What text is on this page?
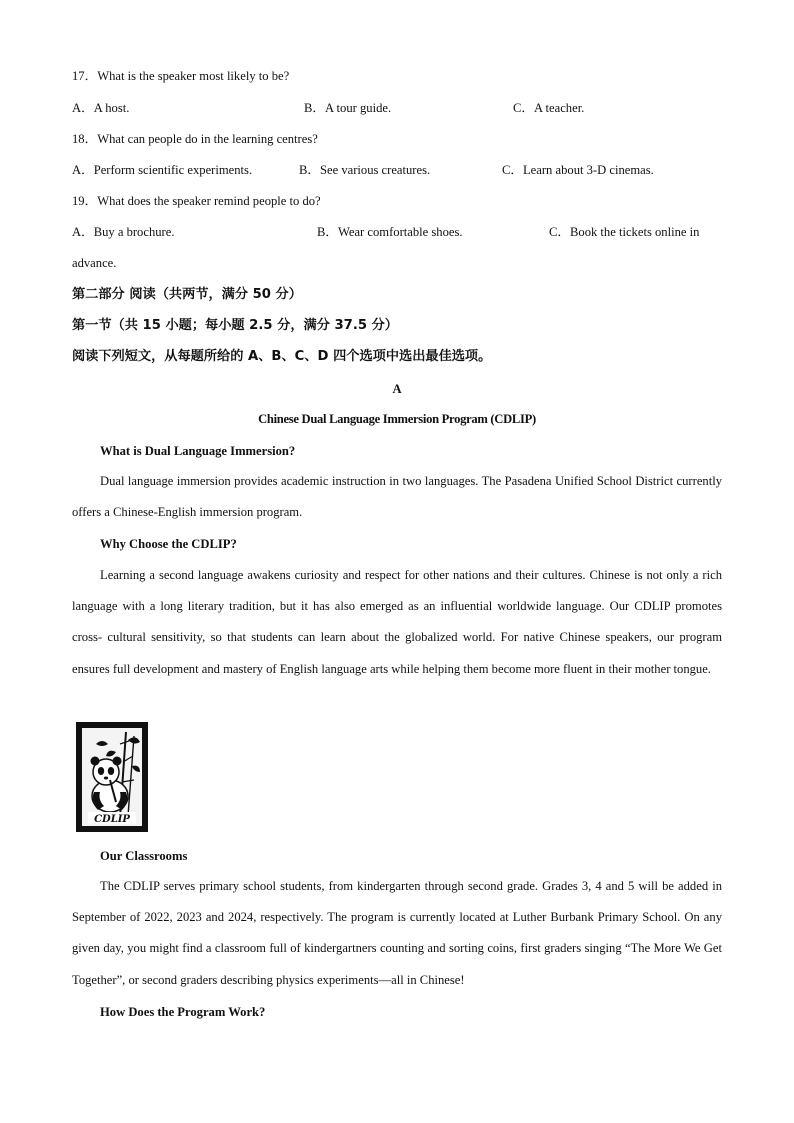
17．What is the speaker most likely to be?
A．A host.	B．A tour guide.	C．A teacher.
18．What can people do in the learning centres?
A．Perform scientific experiments.	B．See various creatures.	C．Learn about 3-D cinemas.
19．What does the speaker remind people to do?
A．Buy a brochure.	B．Wear comfortable shoes.	C．Book the tickets online in
advance.
第二部分 阅读（共两节，满分 50 分）
第一节（共 15 小题；每小题 2.5 分，满分 37.5 分）
阅读下列短文，从每题所给的 A、B、C、D 四个选项中选出最佳选项。
A
Chinese Dual Language Immersion Program (CDLIP)
What is Dual Language Immersion?
Dual language immersion provides academic instruction in two languages. The Pasadena Unified School District currently offers a Chinese-English immersion program.
Why Choose the CDLIP?
Learning a second language awakens curiosity and respect for other nations and their cultures. Chinese is not only a rich language with a long literary tradition, but it has also emerged as an influential worldwide language. Our CDLIP promotes cross- cultural sensitivity, so that students can learn about the globalized world. For native Chinese speakers, our program ensures full development and mastery of English language arts while helping them become more fluent in their mother tongue.
CDLIP
Our Classrooms
The CDLIP serves primary school students, from kindergarten through second grade. Grades 3, 4 and 5 will be added in September of 2022, 2023 and 2024, respectively. The program is currently located at Luther Burbank Primary School. On any given day, you might find a classroom full of kindergartners counting and sorting coins, first graders singing “The More We Get Together”, or second graders describing physics experiments—all in Chinese!
How Does the Program Work?
